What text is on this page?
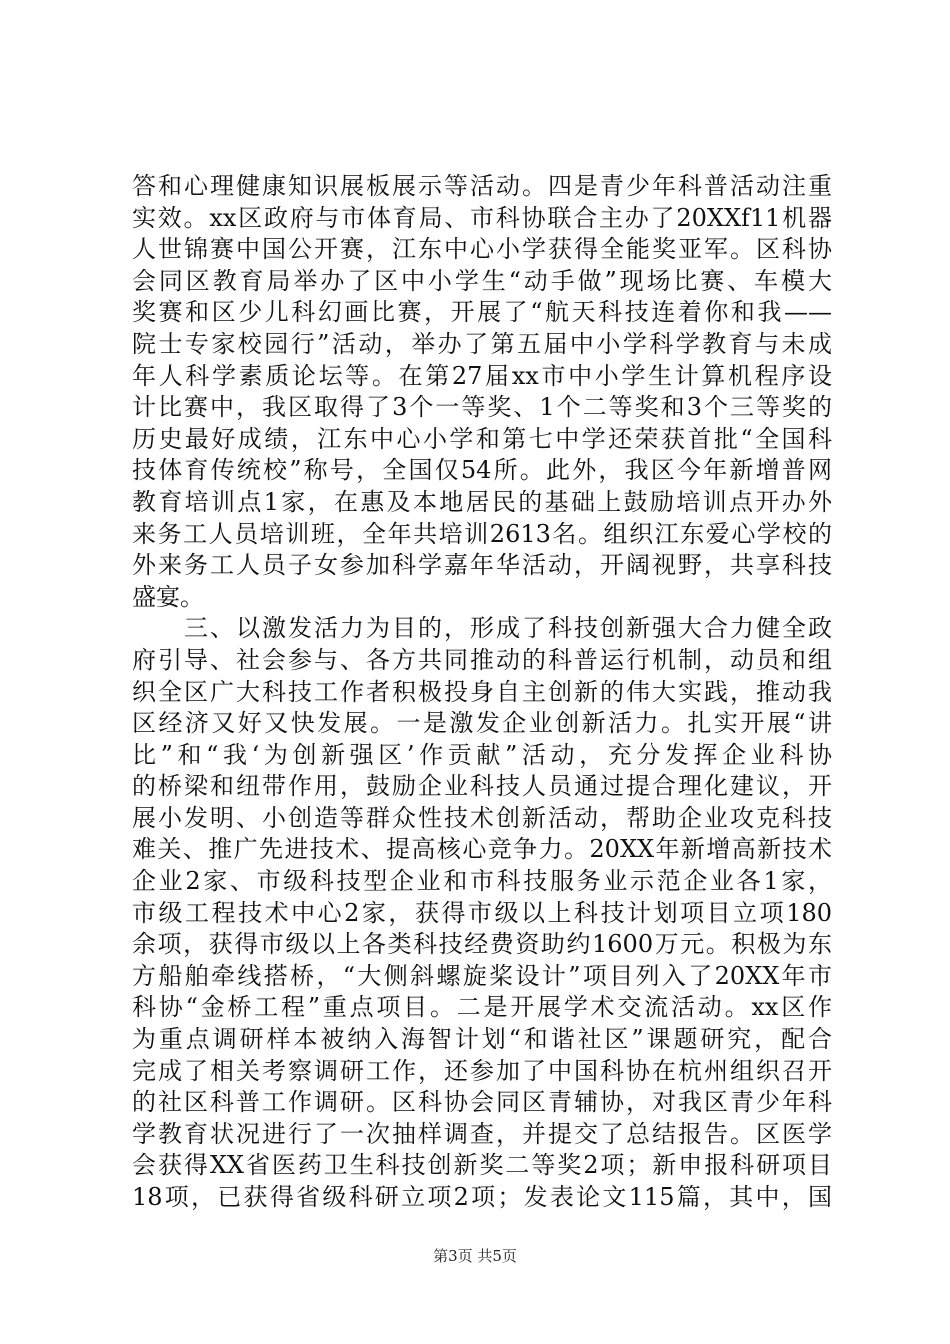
答和心理健康知识展板展示等活动。四是青少年科普活动注重
实效。xx区政府与市体育局、市科协联合主办了20XXf11机器
人世锦赛中国公开赛，江东中心小学获得全能奖亚军。区科协
会同区教育局举办了区中小学生“动手做”现场比赛、车模大
奖赛和区少儿科幻画比赛，开展了“航天科技连着你和我——
院士专家校园行”活动，举办了第五届中小学科学教育与未成
年人科学素质论坛等。在第27届xx市中小学生计算机程序设
计比赛中，我区取得了3个一等奖、1个二等奖和3个三等奖的
历史最好成绩，江东中心小学和第七中学还荣获首批“全国科
技体育传统校”称号，全国仅54所。此外，我区今年新增普网
教育培训点1家，在惠及本地居民的基础上鼓励培训点开办外
来务工人员培训班，全年共培训2613名。组织江东爱心学校的
外来务工人员子女参加科学嘉年华活动，开阔视野，共享科技
盛宴。
　　三、以激发活力为目的，形成了科技创新强大合力健全政
府引导、社会参与、各方共同推动的科普运行机制，动员和组
织全区广大科技工作者积极投身自主创新的伟大实践，推动我
区经济又好又快发展。一是激发企业创新活力。扎实开展“讲
比”和“我‘为创新强区’作贡献”活动，充分发挥企业科协
的桥梁和纽带作用，鼓励企业科技人员通过提合理化建议，开
展小发明、小创造等群众性技术创新活动，帮助企业攻克科技
难关、推广先进技术、提高核心竞争力。20XX年新增高新技术
企业2家、市级科技型企业和市科技服务业示范企业各1家，
市级工程技术中心2家，获得市级以上科技计划项目立项180
余项，获得市级以上各类科技经费资助约1600万元。积极为东
方船舶牵线搭桥，“大侧斜螺旋桨设计”项目列入了20XX年市
科协“金桥工程”重点项目。二是开展学术交流活动。xx区作
为重点调研样本被纳入海智计划“和谐社区”课题研究，配合
完成了相关考察调研工作，还参加了中国科协在杭州组织召开
的社区科普工作调研。区科协会同区青辅协，对我区青少年科
学教育状况进行了一次抽样调查，并提交了总结报告。区医学
会获得XX省医药卫生科技创新奖二等奖2项；新申报科研项目
18项，已获得省级科研立项2项；发表论文115篇，其中，国
第3页 共5页
